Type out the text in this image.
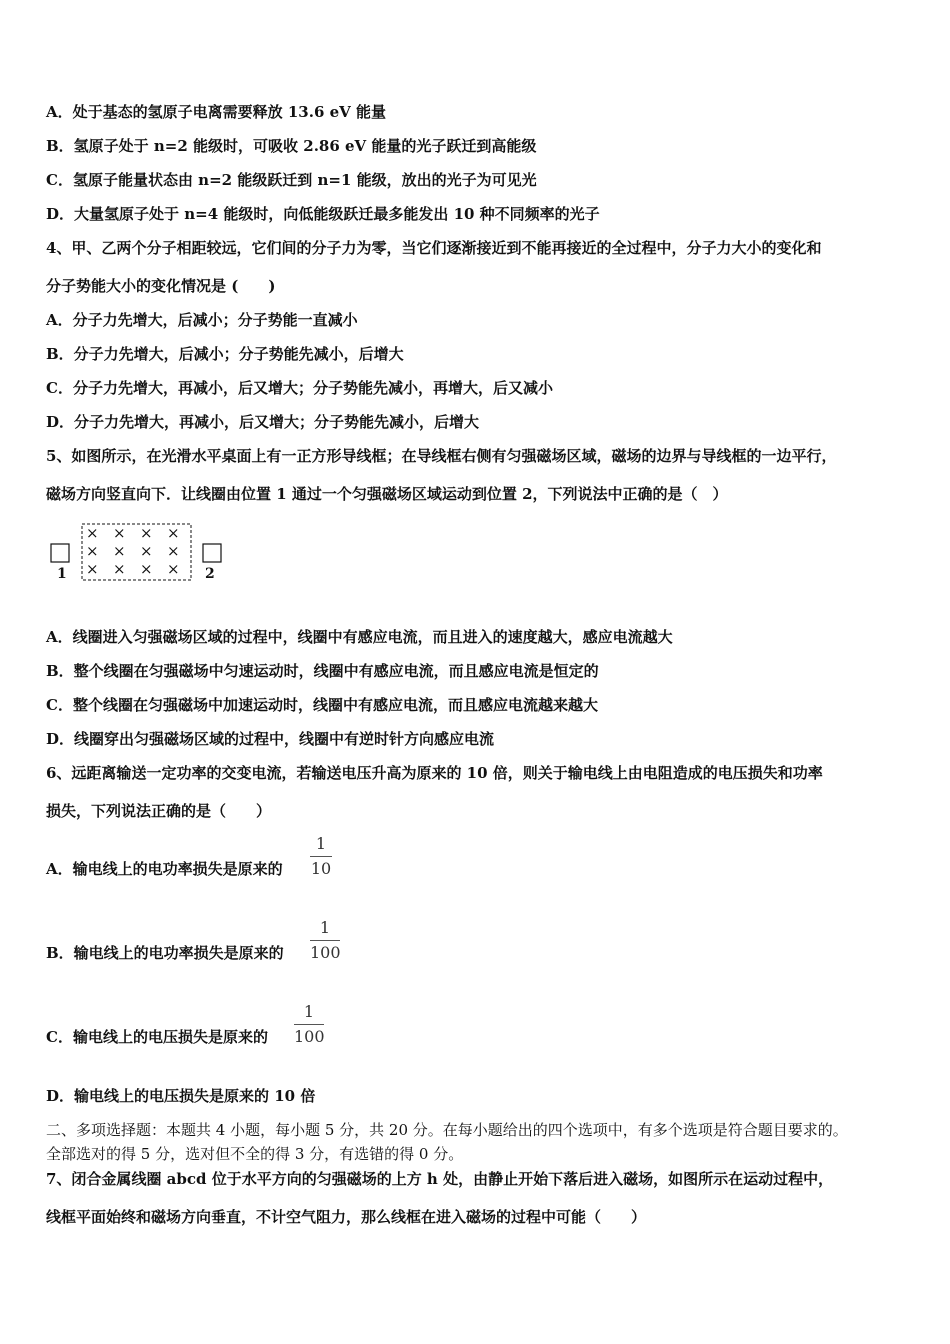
A．处于基态的氢原子电离需要释放 13.6 eV 能量
B．氢原子处于 n=2 能级时，可吸收 2.86 eV 能量的光子跃迁到高能级
C．氢原子能量状态由 n=2 能级跃迁到 n=1 能级，放出的光子为可见光
D．大量氢原子处于 n=4 能级时，向低能级跃迁最多能发出 10 种不同频率的光子
4、甲、乙两个分子相距较远，它们间的分子力为零，当它们逐渐接近到不能再接近的全过程中，分子力大小的变化和
分子势能大小的变化情况是 (　　)
A．分子力先增大，后减小；分子势能一直减小
B．分子力先增大，后减小；分子势能先减小，后增大
C．分子力先增大，再减小，后又增大；分子势能先减小，再增大，后又减小
D．分子力先增大，再减小，后又增大；分子势能先减小，后增大
5、如图所示，在光滑水平桌面上有一正方形导线框；在导线框右侧有匀强磁场区域，磁场的边界与导线框的一边平行，
磁场方向竖直向下．让线圈由位置 1 通过一个匀强磁场区域运动到位置 2，下列说法中正确的是（　）
1
× × × ×
× × × ×
× × × × 2
A．线圈进入匀强磁场区域的过程中，线圈中有感应电流，而且进入的速度越大，感应电流越大
B．整个线圈在匀强磁场中匀速运动时，线圈中有感应电流，而且感应电流是恒定的
C．整个线圈在匀强磁场中加速运动时，线圈中有感应电流，而且感应电流越来越大
D．线圈穿出匀强磁场区域的过程中，线圈中有逆时针方向感应电流
6、远距离输送一定功率的交变电流，若输送电压升高为原来的 10 倍，则关于输电线上由电阻造成的电压损失和功率
损失，下列说法正确的是（　　）
A．输电线上的电功率损失是原来的
1
10
B．输电线上的电功率损失是原来的
1
100
C．输电线上的电压损失是原来的
1
100
D．输电线上的电压损失是原来的 10 倍
二、多项选择题：本题共 4 小题，每小题 5 分，共 20 分。在每小题给出的四个选项中，有多个选项是符合题目要求的。
全部选对的得 5 分，选对但不全的得 3 分，有选错的得 0 分。
7、闭合金属线圈 abcd 位于水平方向的匀强磁场的上方 h 处，由静止开始下落后进入磁场，如图所示在运动过程中，
线框平面始终和磁场方向垂直，不计空气阻力，那么线框在进入磁场的过程中可能（　　）
